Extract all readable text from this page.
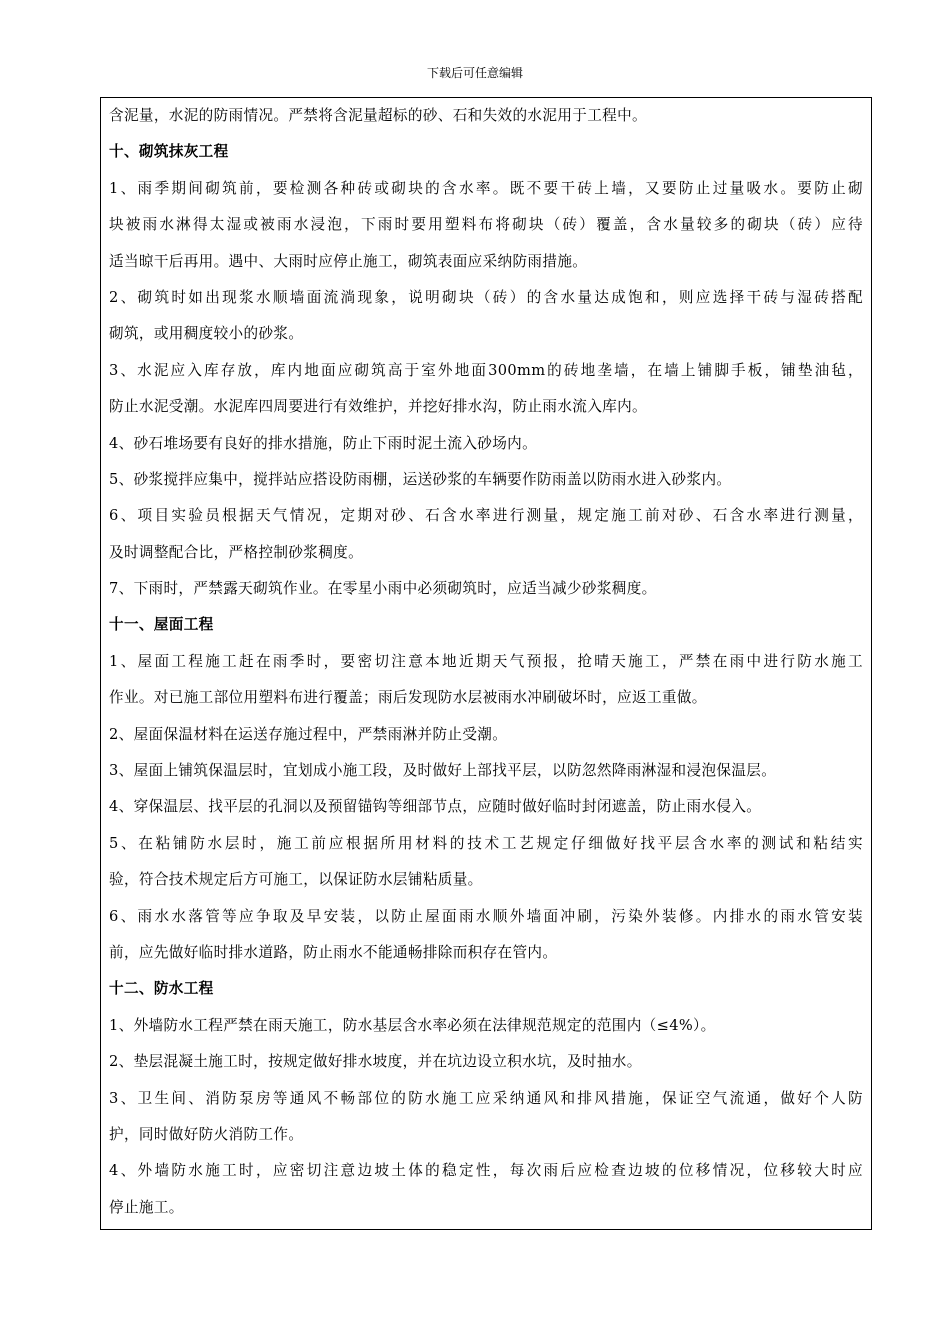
下载后可任意编辑
含泥量，水泥的防雨情况。严禁将含泥量超标的砂、石和失效的水泥用于工程中。
十、砌筑抹灰工程
1、雨季期间砌筑前，要检测各种砖或砌块的含水率。既不要干砖上墙，又要防止过量吸水。要防止砌
块被雨水淋得太湿或被雨水浸泡，下雨时要用塑料布将砌块（砖）覆盖，含水量较多的砌块（砖）应待
适当晾干后再用。遇中、大雨时应停止施工，砌筑表面应采纳防雨措施。
2、砌筑时如出现浆水顺墙面流淌现象，说明砌块（砖）的含水量达成饱和，则应选择干砖与湿砖搭配
砌筑，或用稠度较小的砂浆。
3、水泥应入库存放，库内地面应砌筑高于室外地面300mm的砖地垄墙，在墙上铺脚手板，铺垫油毡，
防止水泥受潮。水泥库四周要进行有效维护，并挖好排水沟，防止雨水流入库内。
4、砂石堆场要有良好的排水措施，防止下雨时泥土流入砂场内。
5、砂浆搅拌应集中，搅拌站应搭设防雨棚，运送砂浆的车辆要作防雨盖以防雨水进入砂浆内。
6、项目实验员根据天气情况，定期对砂、石含水率进行测量，规定施工前对砂、石含水率进行测量，
及时调整配合比，严格控制砂浆稠度。
7、下雨时，严禁露天砌筑作业。在零星小雨中必须砌筑时，应适当减少砂浆稠度。
十一、屋面工程
1、屋面工程施工赶在雨季时，要密切注意本地近期天气预报，抢晴天施工，严禁在雨中进行防水施工
作业。对已施工部位用塑料布进行覆盖；雨后发现防水层被雨水冲刷破坏时，应返工重做。
2、屋面保温材料在运送存施过程中，严禁雨淋并防止受潮。
3、屋面上铺筑保温层时，宜划成小施工段，及时做好上部找平层，以防忽然降雨淋湿和浸泡保温层。
4、穿保温层、找平层的孔洞以及预留锚钩等细部节点，应随时做好临时封闭遮盖，防止雨水侵入。
5、在粘铺防水层时，施工前应根据所用材料的技术工艺规定仔细做好找平层含水率的测试和粘结实
验，符合技术规定后方可施工，以保证防水层铺粘质量。
6、雨水水落管等应争取及早安装，以防止屋面雨水顺外墙面冲刷，污染外装修。内排水的雨水管安装
前，应先做好临时排水道路，防止雨水不能通畅排除而积存在管内。
十二、防水工程
1、外墙防水工程严禁在雨天施工，防水基层含水率必须在法律规范规定的范围内（≤4%）。
2、垫层混凝土施工时，按规定做好排水坡度，并在坑边设立积水坑，及时抽水。
3、卫生间、消防泵房等通风不畅部位的防水施工应采纳通风和排风措施，保证空气流通，做好个人防
护，同时做好防火消防工作。
4、外墙防水施工时，应密切注意边坡土体的稳定性，每次雨后应检查边坡的位移情况，位移较大时应
停止施工。
